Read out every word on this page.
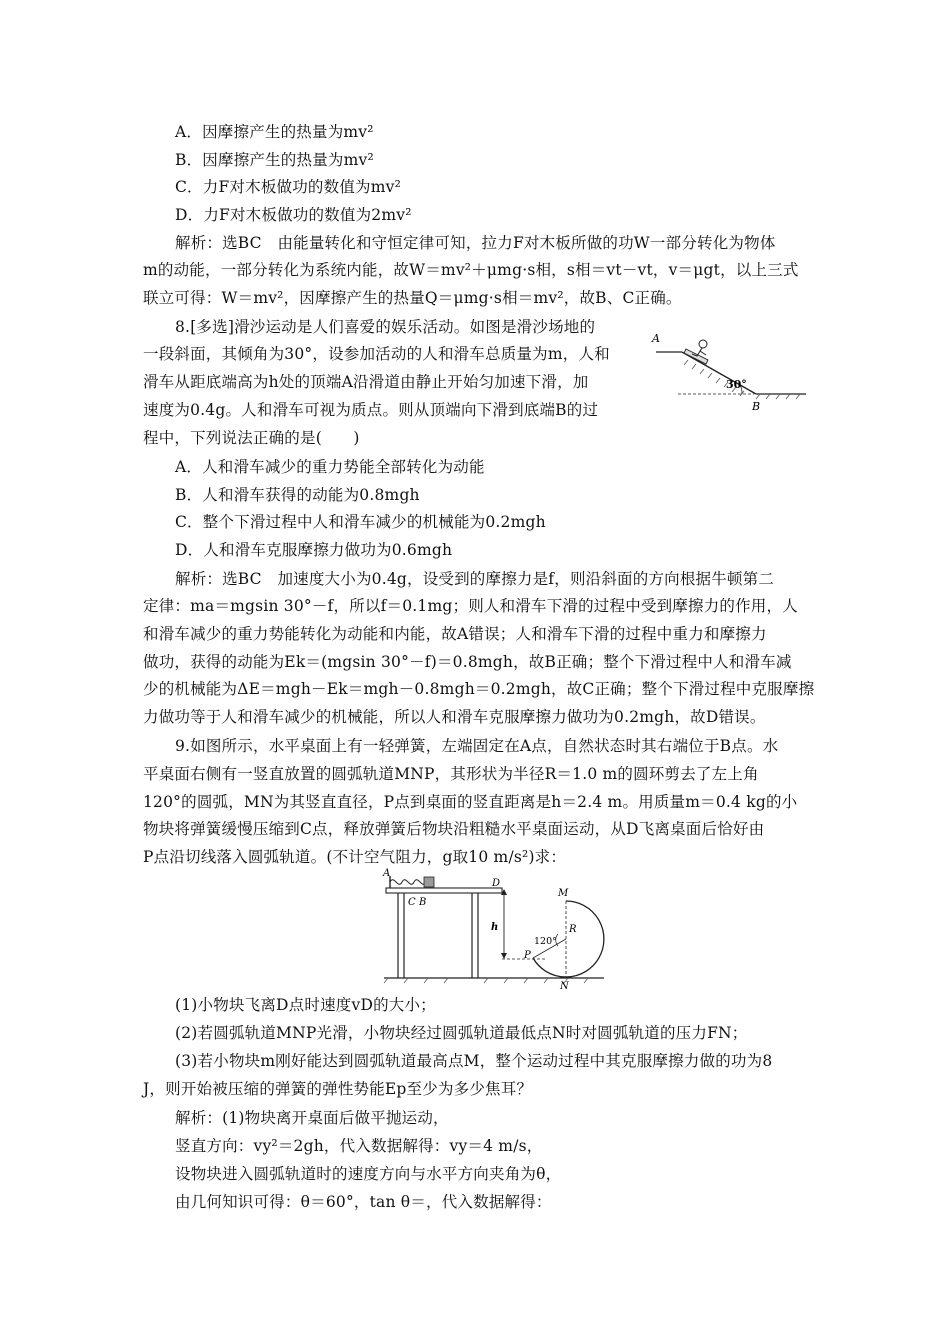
A．因摩擦产生的热量为mv²
B．因摩擦产生的热量为mv²
C．力F对木板做功的数值为mv²
D．力F对木板做功的数值为2mv²
解析：选BC　由能量转化和守恒定律可知，拉力F对木板所做的功W一部分转化为物体
m的动能，一部分转化为系统内能，故W＝mv²＋μmg·s相，s相＝vt－vt，v＝μgt，以上三式
联立可得：W＝mv²，因摩擦产生的热量Q＝μmg·s相＝mv²，故B、C正确。
8.[多选]滑沙运动是人们喜爱的娱乐活动。如图是滑沙场地的
一段斜面，其倾角为30°，设参加活动的人和滑车总质量为m，人和
滑车从距底端高为h处的顶端A沿滑道由静止开始匀加速下滑，加
速度为0.4g。人和滑车可视为质点。则从顶端向下滑到底端B的过
程中，下列说法正确的是(　　)
A
30°
B
A．人和滑车减少的重力势能全部转化为动能
B．人和滑车获得的动能为0.8mgh
C．整个下滑过程中人和滑车减少的机械能为0.2mgh
D．人和滑车克服摩擦力做功为0.6mgh
解析：选BC　加速度大小为0.4g，设受到的摩擦力是f，则沿斜面的方向根据牛顿第二
定律：ma＝mgsin 30°－f，所以f＝0.1mg；则人和滑车下滑的过程中受到摩擦力的作用，人
和滑车减少的重力势能转化为动能和内能，故A错误；人和滑车下滑的过程中重力和摩擦力
做功，获得的动能为Ek＝(mgsin 30°－f)＝0.8mgh，故B正确；整个下滑过程中人和滑车减
少的机械能为ΔE＝mgh－Ek＝mgh－0.8mgh＝0.2mgh，故C正确；整个下滑过程中克服摩擦
力做功等于人和滑车减少的机械能，所以人和滑车克服摩擦力做功为0.2mgh，故D错误。
9.如图所示，水平桌面上有一轻弹簧，左端固定在A点，自然状态时其右端位于B点。水
平桌面右侧有一竖直放置的圆弧轨道MNP，其形状为半径R＝1.0 m的圆环剪去了左上角
120°的圆弧，MN为其竖直直径，P点到桌面的竖直距离是h＝2.4 m。用质量m＝0.4 kg的小
物块将弹簧缓慢压缩到C点，释放弹簧后物块沿粗糙水平桌面运动，从D飞离桌面后恰好由
P点沿切线落入圆弧轨道。(不计空气阻力，g取10 m/s²)求：
A
C B
D
h
M
R
120°
P
N
(1)小物块飞离D点时速度vD的大小；
(2)若圆弧轨道MNP光滑，小物块经过圆弧轨道最低点N时对圆弧轨道的压力FN；
(3)若小物块m刚好能达到圆弧轨道最高点M，整个运动过程中其克服摩擦力做的功为8
J，则开始被压缩的弹簧的弹性势能Ep至少为多少焦耳？
解析：(1)物块离开桌面后做平抛运动，
竖直方向：vy²＝2gh，代入数据解得：vy＝4 m/s，
设物块进入圆弧轨道时的速度方向与水平方向夹角为θ，
由几何知识可得：θ＝60°，tan θ＝，代入数据解得：
